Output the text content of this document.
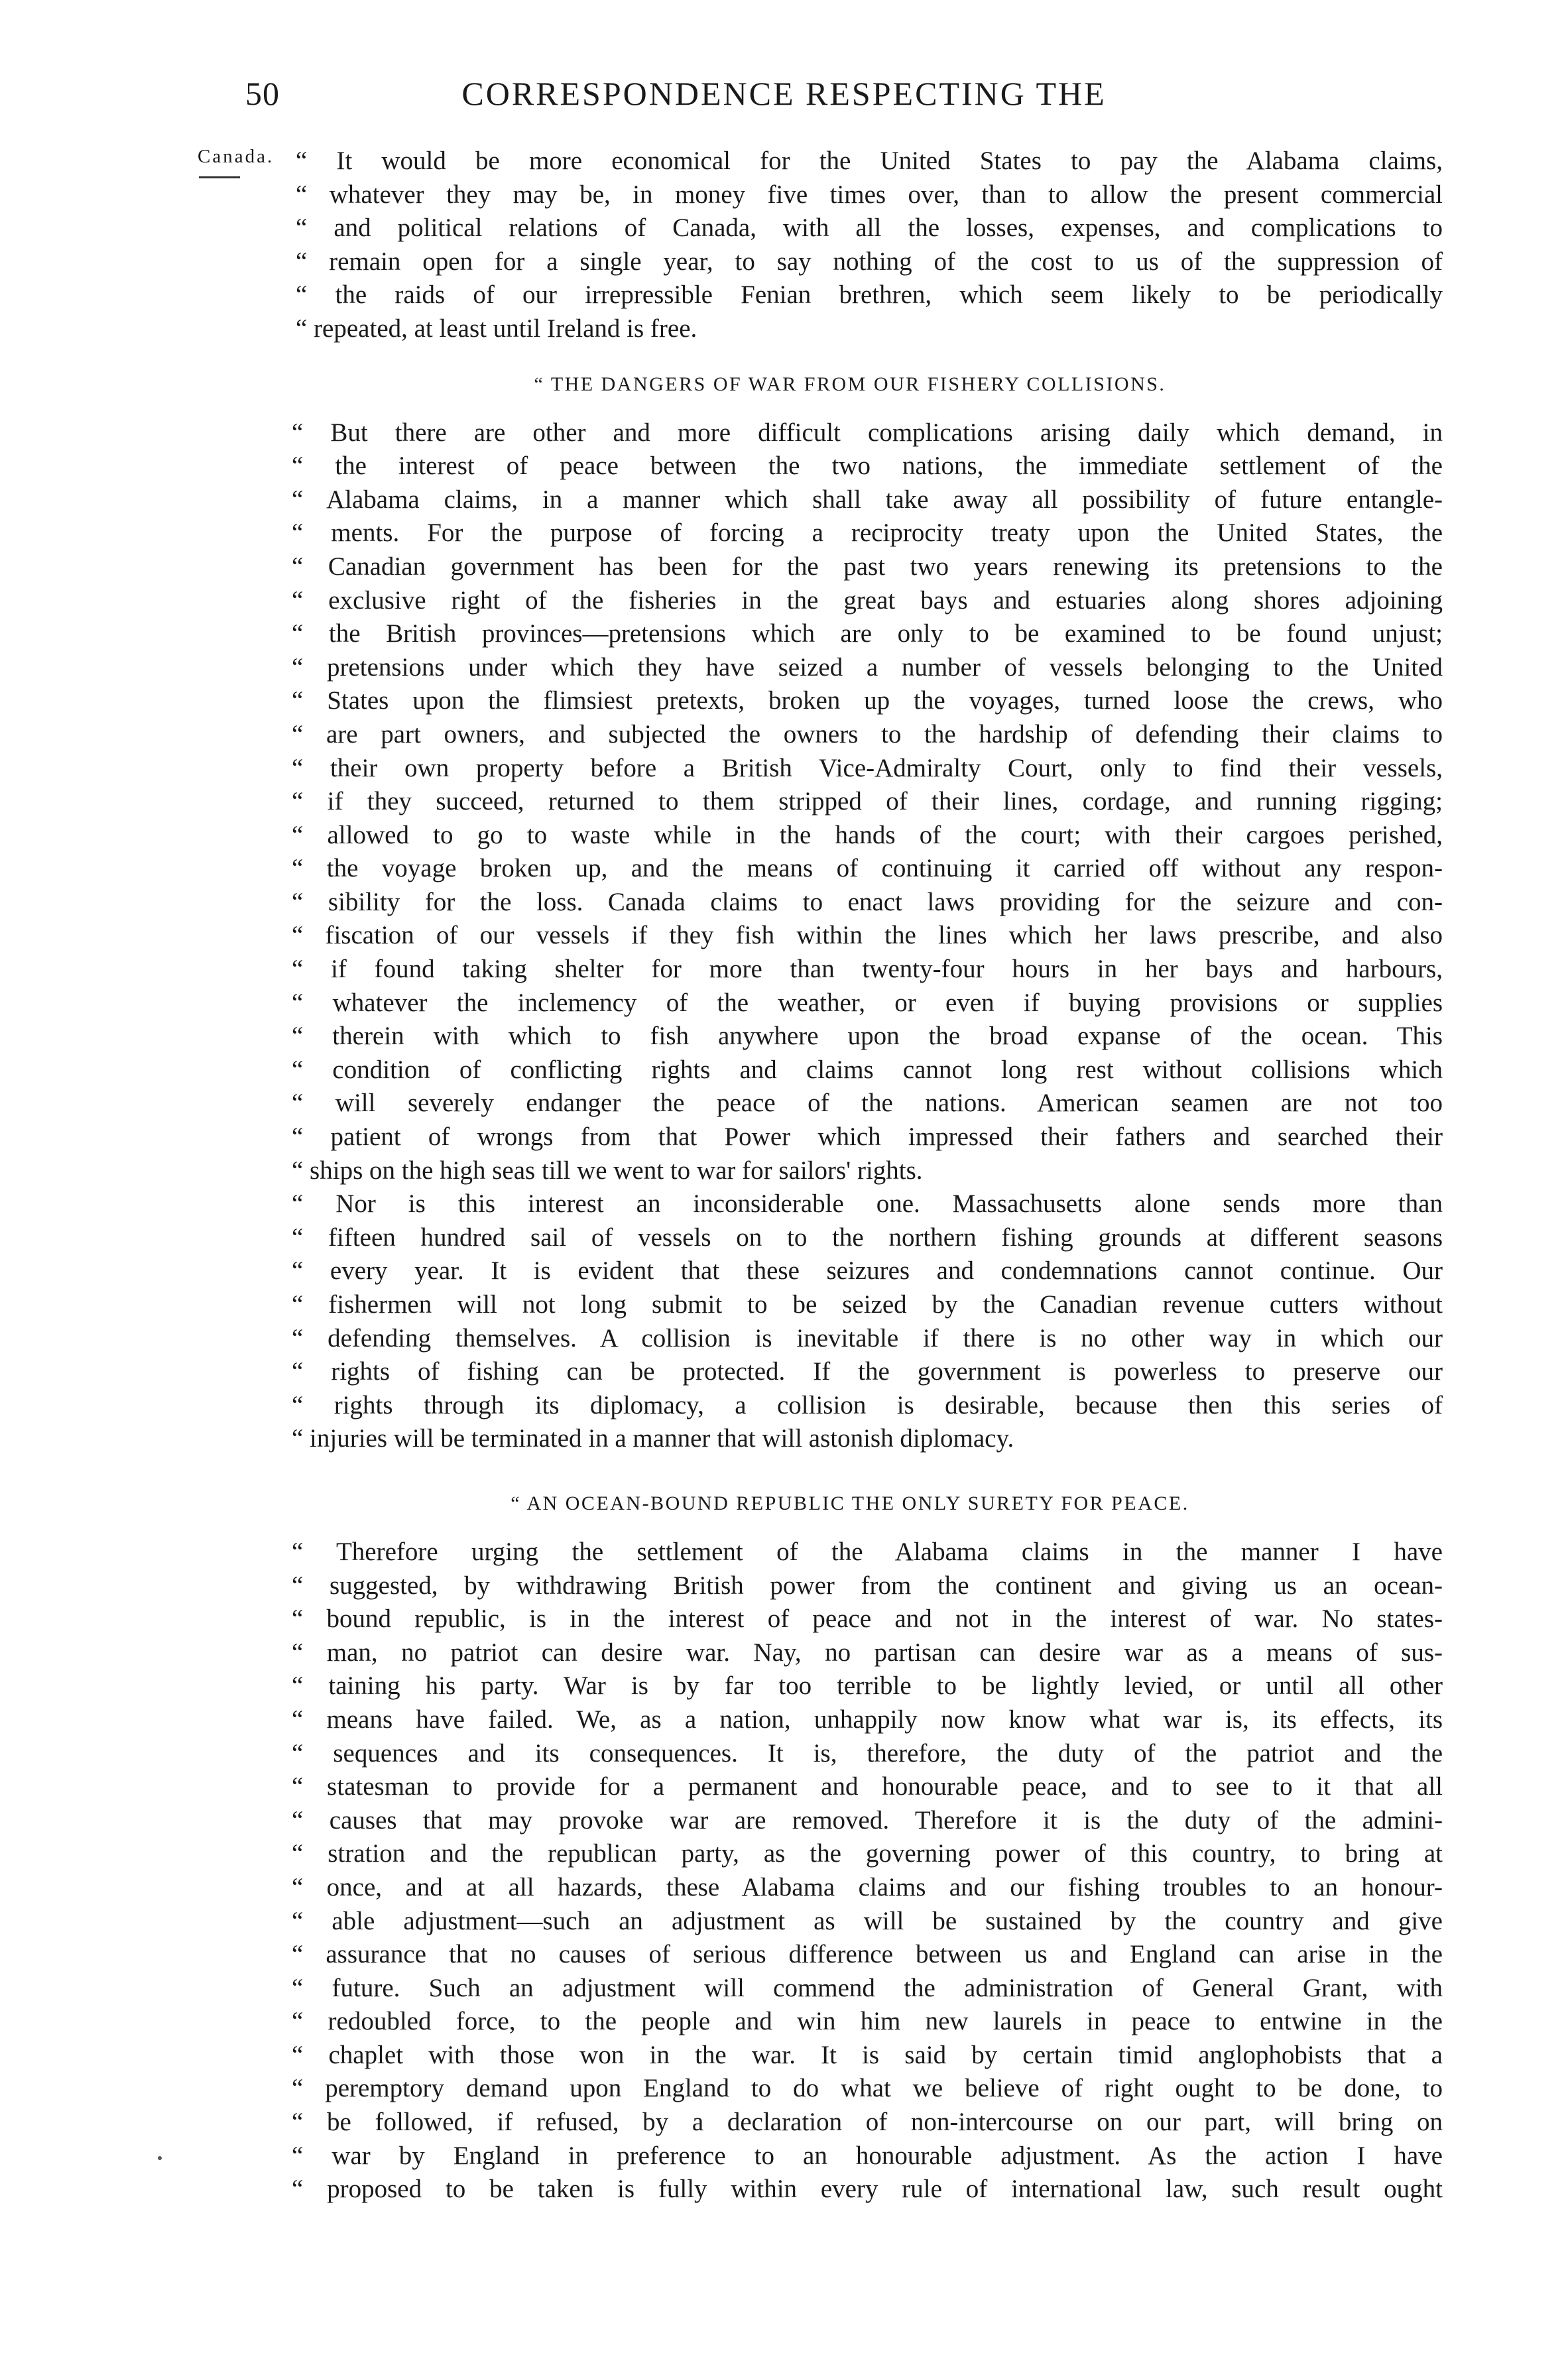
50	CORRESPONDENCE RESPECTING THE
Canada. “ It would be more economical for the United States to pay the Alabama claims,
“ whatever they may be, in money five times over, than to allow the present commercial
“ and political relations of Canada, with all the losses, expenses, and complications to
“ remain open for a single year, to say nothing of the cost to us of the suppression of
“ the raids of our irrepressible Fenian brethren, which seem likely to be periodically
“ repeated, at least until Ireland is free.
“ THE DANGERS OF WAR FROM OUR FISHERY COLLISIONS.
“ But there are other and more difficult complications arising daily which demand, in
“ the interest of peace between the two nations, the immediate settlement of the
“ Alabama claims, in a manner which shall take away all possibility of future entangle-
“ ments. For the purpose of forcing a reciprocity treaty upon the United States, the
“ Canadian government has been for the past two years renewing its pretensions to the
“ exclusive right of the fisheries in the great bays and estuaries along shores adjoining
“ the British provinces—pretensions which are only to be examined to be found unjust;
“ pretensions under which they have seized a number of vessels belonging to the United
“ States upon the flimsiest pretexts, broken up the voyages, turned loose the crews, who
“ are part owners, and subjected the owners to the hardship of defending their claims to
“ their own property before a British Vice-Admiralty Court, only to find their vessels,
“ if they succeed, returned to them stripped of their lines, cordage, and running rigging;
“ allowed to go to waste while in the hands of the court; with their cargoes perished,
“ the voyage broken up, and the means of continuing it carried off without any respon-
“ sibility for the loss. Canada claims to enact laws providing for the seizure and con-
“ fiscation of our vessels if they fish within the lines which her laws prescribe, and also
“ if found taking shelter for more than twenty-four hours in her bays and harbours,
“ whatever the inclemency of the weather, or even if buying provisions or supplies
“ therein with which to fish anywhere upon the broad expanse of the ocean. This
“ condition of conflicting rights and claims cannot long rest without collisions which
“ will severely endanger the peace of the nations. American seamen are not too
“ patient of wrongs from that Power which impressed their fathers and searched their
“ ships on the high seas till we went to war for sailors' rights.
“ Nor is this interest an inconsiderable one. Massachusetts alone sends more than
“ fifteen hundred sail of vessels on to the northern fishing grounds at different seasons
“ every year. It is evident that these seizures and condemnations cannot continue. Our
“ fishermen will not long submit to be seized by the Canadian revenue cutters without
“ defending themselves. A collision is inevitable if there is no other way in which our
“ rights of fishing can be protected. If the government is powerless to preserve our
“ rights through its diplomacy, a collision is desirable, because then this series of
“ injuries will be terminated in a manner that will astonish diplomacy.
“ AN OCEAN-BOUND REPUBLIC THE ONLY SURETY FOR PEACE.
“ Therefore urging the settlement of the Alabama claims in the manner I have
“ suggested, by withdrawing British power from the continent and giving us an ocean-
“ bound republic, is in the interest of peace and not in the interest of war. No states-
“ man, no patriot can desire war. Nay, no partisan can desire war as a means of sus-
“ taining his party. War is by far too terrible to be lightly levied, or until all other
“ means have failed. We, as a nation, unhappily now know what war is, its effects, its
“ sequences and its consequences. It is, therefore, the duty of the patriot and the
“ statesman to provide for a permanent and honourable peace, and to see to it that all
“ causes that may provoke war are removed. Therefore it is the duty of the admini-
“ stration and the republican party, as the governing power of this country, to bring at
“ once, and at all hazards, these Alabama claims and our fishing troubles to an honour-
“ able adjustment—such an adjustment as will be sustained by the country and give
“ assurance that no causes of serious difference between us and England can arise in the
“ future. Such an adjustment will commend the administration of General Grant, with
“ redoubled force, to the people and win him new laurels in peace to entwine in the
“ chaplet with those won in the war. It is said by certain timid anglophobists that a
“ peremptory demand upon England to do what we believe of right ought to be done, to
“ be followed, if refused, by a declaration of non-intercourse on our part, will bring on
“ war by England in preference to an honourable adjustment. As the action I have
“ proposed to be taken is fully within every rule of international law, such result ought
